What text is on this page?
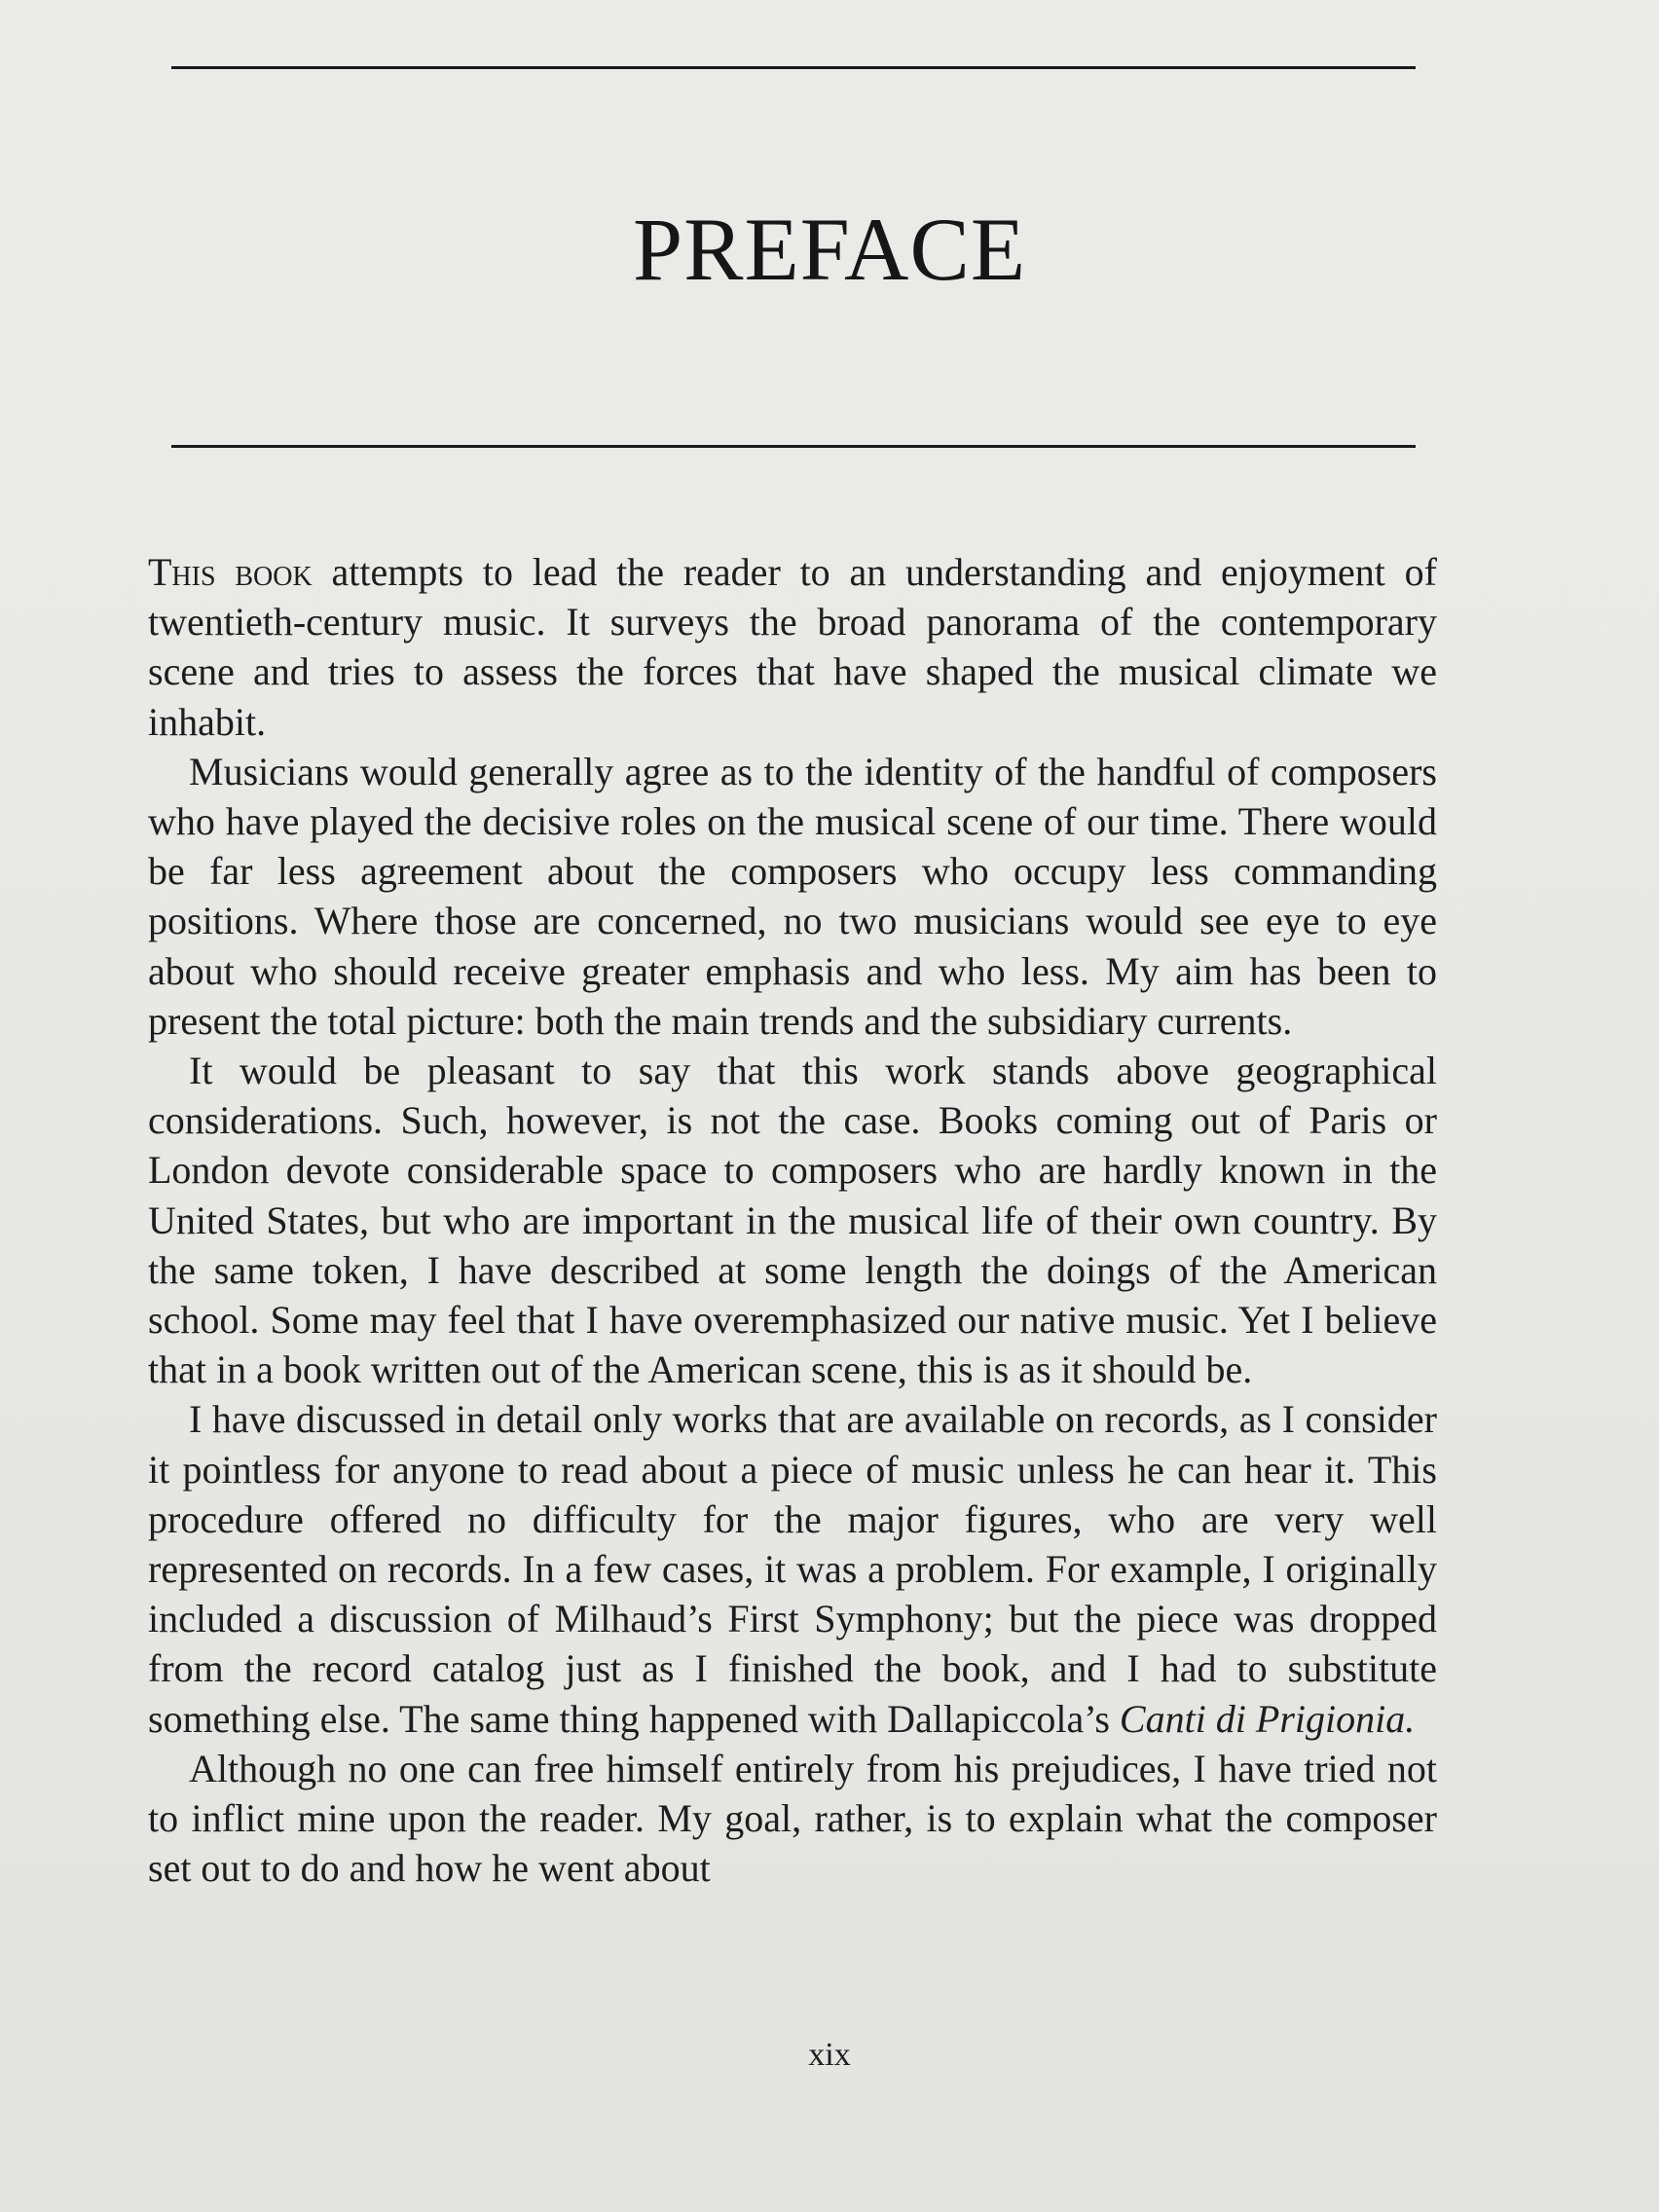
PREFACE

This book attempts to lead the reader to an understanding and enjoyment of twentieth-century music. It surveys the broad panorama of the contemporary scene and tries to assess the forces that have shaped the musical climate we inhabit.

Musicians would generally agree as to the identity of the handful of composers who have played the decisive roles on the musical scene of our time. There would be far less agreement about the composers who occupy less commanding positions. Where those are concerned, no two musicians would see eye to eye about who should receive greater emphasis and who less. My aim has been to present the total picture: both the main trends and the subsidiary currents.

It would be pleasant to say that this work stands above geographical considerations. Such, however, is not the case. Books coming out of Paris or London devote considerable space to composers who are hardly known in the United States, but who are important in the musical life of their own country. By the same token, I have described at some length the doings of the American school. Some may feel that I have overemphasized our native music. Yet I believe that in a book written out of the American scene, this is as it should be.

I have discussed in detail only works that are available on records, as I consider it pointless for anyone to read about a piece of music unless he can hear it. This procedure offered no difficulty for the major figures, who are very well represented on records. In a few cases, it was a problem. For example, I originally included a discussion of Milhaud’s First Symphony; but the piece was dropped from the record catalog just as I finished the book, and I had to substitute something else. The same thing happened with Dallapiccola’s Canti di Prigionia.

Although no one can free himself entirely from his prejudices, I have tried not to inflict mine upon the reader. My goal, rather, is to explain what the composer set out to do and how he went about

xix
